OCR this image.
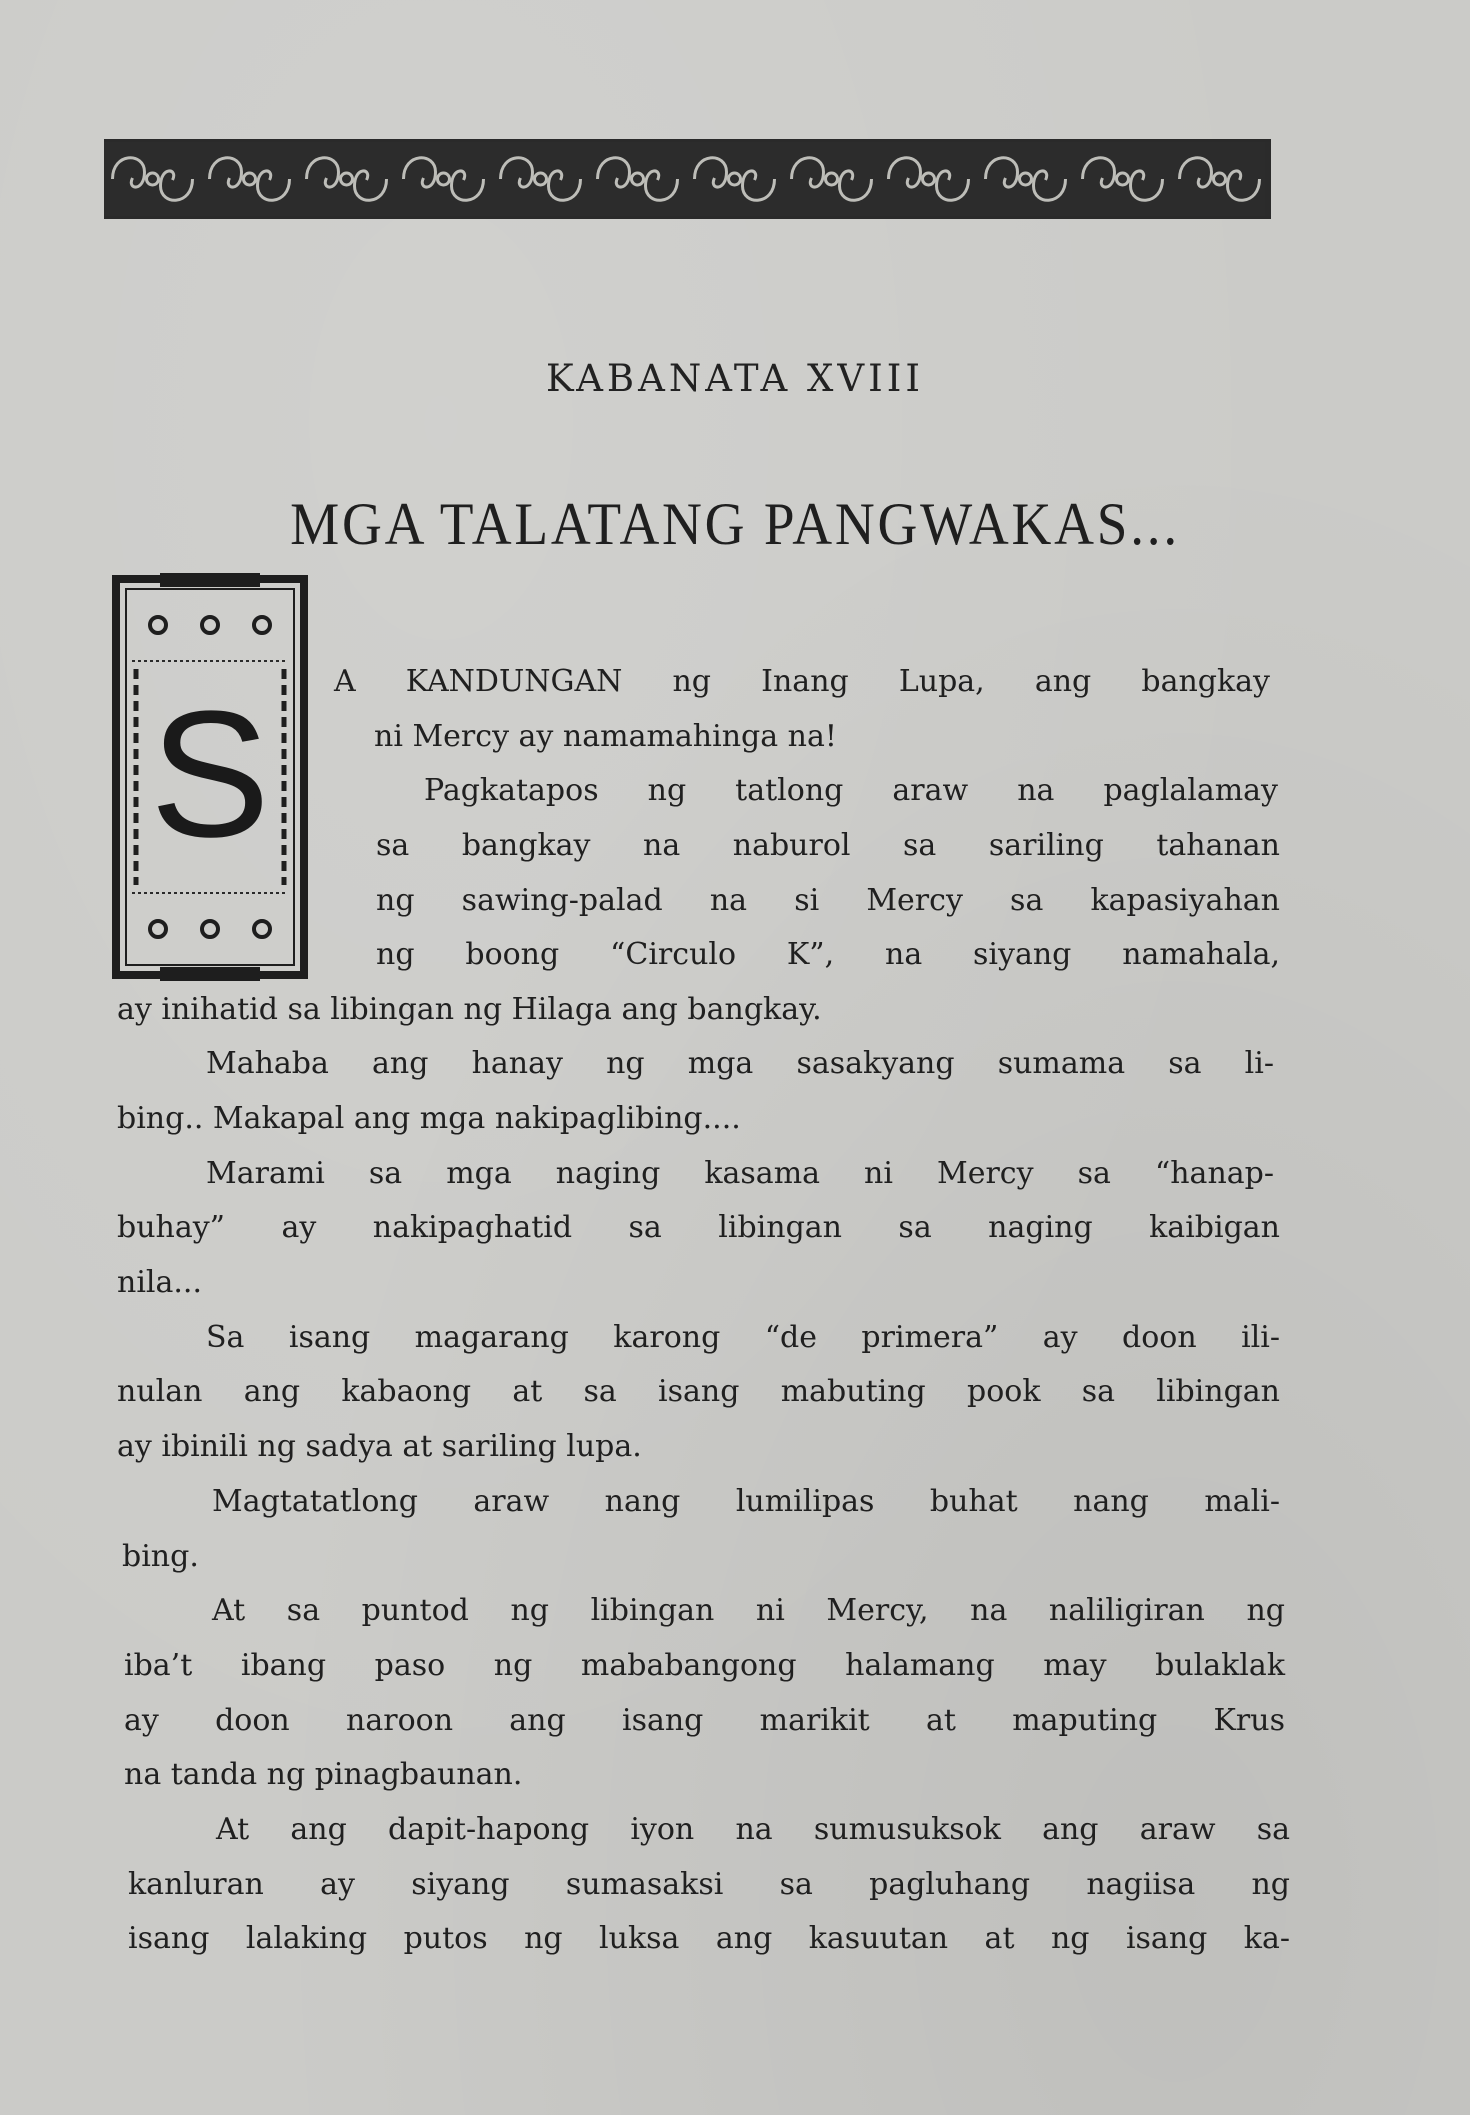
KABANATA XVIII
MGA TALATANG PANGWAKAS...
S	A KANDUNGAN ng Inang Lupa, ang bangkay
ni Mercy ay namamahinga na!
Pagkatapos ng tatlong araw na paglalamay
sa bangkay na naburol sa sariling tahanan
ng sawing-palad na si Mercy sa kapasiyahan
ng boong “Circulo K”, na siyang namahala,
ay inihatid sa libingan ng Hilaga ang bangkay.
Mahaba ang hanay ng mga sasakyang sumama sa li-
bing.. Makapal ang mga nakipaglibing....
Marami sa mga naging kasama ni Mercy sa “hanap-
buhay” ay nakipaghatid sa libingan sa naging kaibigan
nila...
Sa isang magarang karong “de primera” ay doon ili-
nulan ang kabaong at sa isang mabuting pook sa libingan
ay ibinili ng sadya at sariling lupa.
Magtatatlong araw nang lumilipas buhat nang mali-
bing.
At sa puntod ng libingan ni Mercy, na naliligiran ng
iba’t ibang paso ng mababangong halamang may bulaklak
ay doon naroon ang isang marikit at maputing Krus
na tanda ng pinagbaunan.
At ang dapit-hapong iyon na sumusuksok ang araw sa
kanluran ay siyang sumasaksi sa pagluhang nagiisa ng
isang lalaking putos ng luksa ang kasuutan at ng isang ka-
